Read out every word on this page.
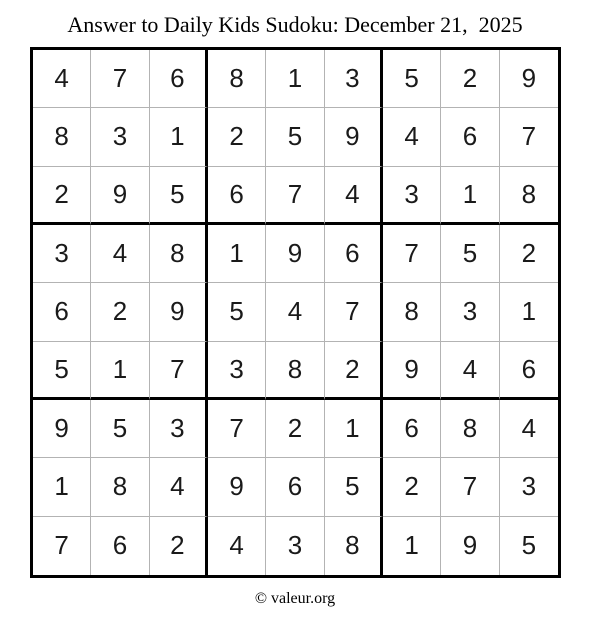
Answer to Daily Kids Sudoku: December 21,  2025
4	7	6	8	1	3	5	2	9
8	3	1	2	5	9	4	6	7
2	9	5	6	7	4	3	1	8
3	4	8	1	9	6	7	5	2
6	2	9	5	4	7	8	3	1
5	1	7	3	8	2	9	4	6
9	5	3	7	2	1	6	8	4
1	8	4	9	6	5	2	7	3
7	6	2	4	3	8	1	9	5
© valeur.org
